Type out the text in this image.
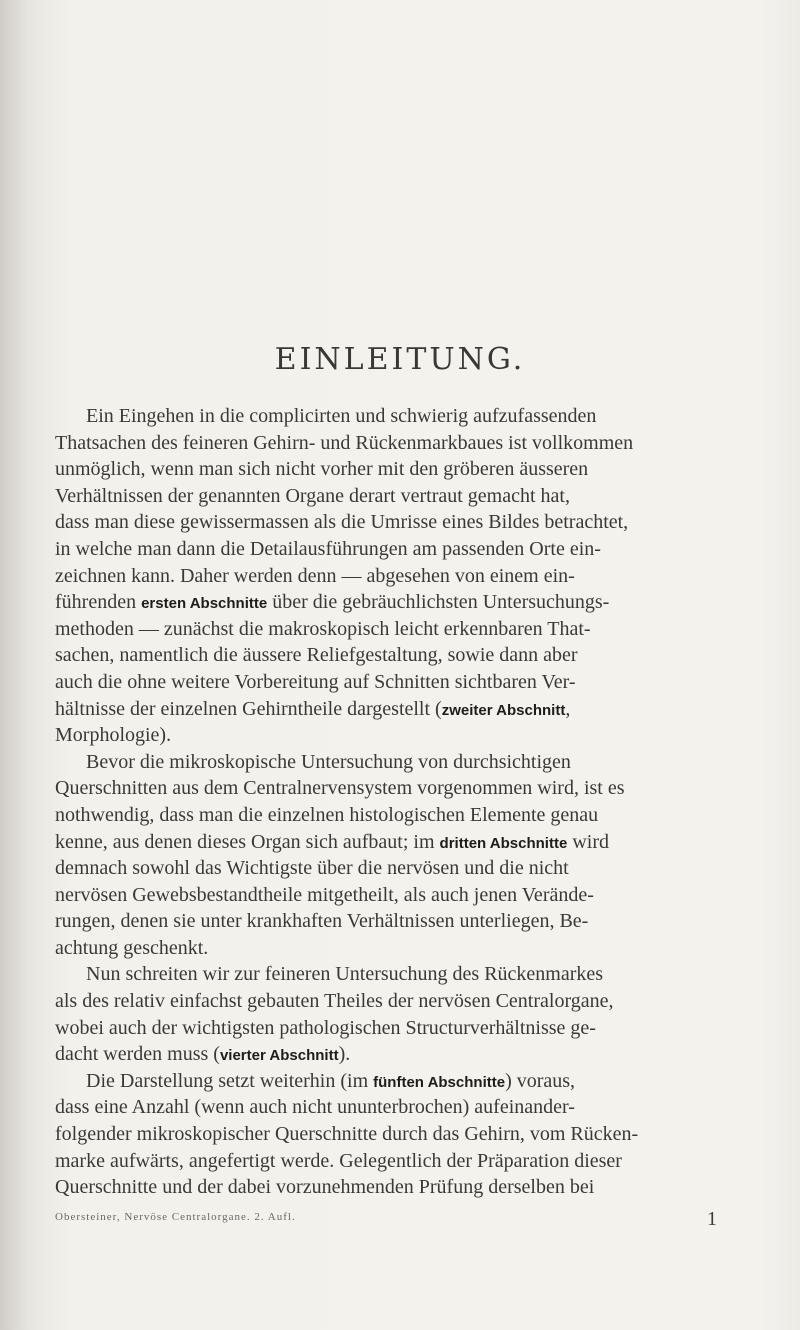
EINLEITUNG.
Ein Eingehen in die complicirten und schwierig aufzufassenden
Thatsachen des feineren Gehirn- und Rückenmarkbaues ist vollkommen
unmöglich, wenn man sich nicht vorher mit den gröberen äusseren
Verhältnissen der genannten Organe derart vertraut gemacht hat,
dass man diese gewissermassen als die Umrisse eines Bildes betrachtet,
in welche man dann die Detailausführungen am passenden Orte ein-
zeichnen kann. Daher werden denn — abgesehen von einem ein-
führenden ersten Abschnitte über die gebräuchlichsten Untersuchungs-
methoden — zunächst die makroskopisch leicht erkennbaren That-
sachen, namentlich die äussere Reliefgestaltung, sowie dann aber
auch die ohne weitere Vorbereitung auf Schnitten sichtbaren Ver-
hältnisse der einzelnen Gehirntheile dargestellt (zweiter Abschnitt,
Morphologie).
Bevor die mikroskopische Untersuchung von durchsichtigen
Querschnitten aus dem Centralnervensystem vorgenommen wird, ist es
nothwendig, dass man die einzelnen histologischen Elemente genau
kenne, aus denen dieses Organ sich aufbaut; im dritten Abschnitte wird
demnach sowohl das Wichtigste über die nervösen und die nicht
nervösen Gewebsbestandtheile mitgetheilt, als auch jenen Verände-
rungen, denen sie unter krankhaften Verhältnissen unterliegen, Be-
achtung geschenkt.
Nun schreiten wir zur feineren Untersuchung des Rückenmarkes
als des relativ einfachst gebauten Theiles der nervösen Centralorgane,
wobei auch der wichtigsten pathologischen Structurverhältnisse ge-
dacht werden muss (vierter Abschnitt).
Die Darstellung setzt weiterhin (im fünften Abschnitte) voraus,
dass eine Anzahl (wenn auch nicht ununterbrochen) aufeinander-
folgender mikroskopischer Querschnitte durch das Gehirn, vom Rücken-
marke aufwärts, angefertigt werde. Gelegentlich der Präparation dieser
Querschnitte und der dabei vorzunehmenden Prüfung derselben bei
Obersteiner, Nervöse Centralorgane. 2. Aufl.	1
